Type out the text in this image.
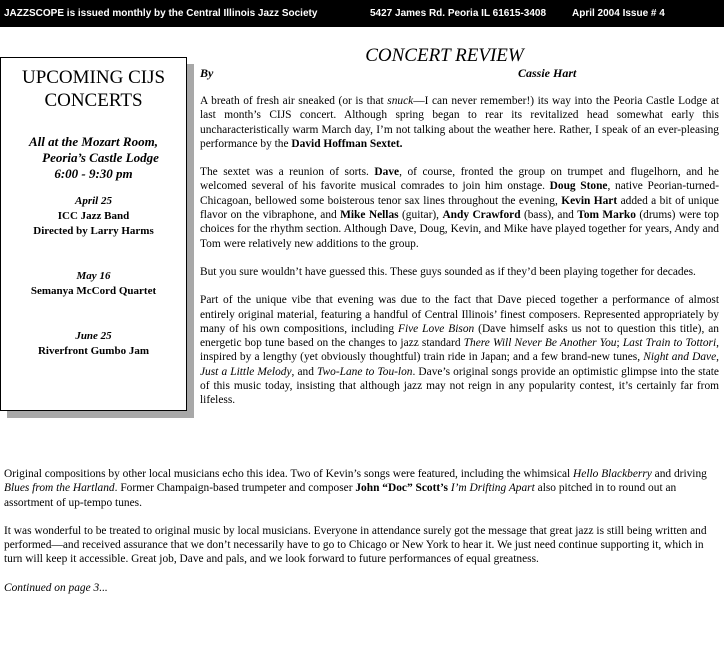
JAZZSCOPE is issued monthly by the Central Illinois Jazz Society	5427 James Rd. Peoria IL 61615-3408	April 2004 Issue # 4
UPCOMING CIJS
CONCERTS
All at the Mozart Room,
Peoria’s Castle Lodge
6:00 - 9:30 pm
April 25
ICC Jazz Band
Directed by Larry Harms
May 16
Semanya McCord Quartet
June 25
Riverfront Gumbo Jam
CONCERT REVIEW
By	Cassie Hart

A breath of fresh air sneaked (or is that snuck—I can never remember!) its way into the Peoria Castle Lodge at last month’s CIJS concert. Although spring began to rear its revitalized head somewhat early this uncharacteristically warm March day, I’m not talking about the weather here. Rather, I speak of an ever-pleasing performance by the David Hoffman Sextet.

The sextet was a reunion of sorts. Dave, of course, fronted the group on trumpet and flugelhorn, and he welcomed several of his favorite musical comrades to join him onstage. Doug Stone, native Peorian-turned-Chicagoan, bellowed some boisterous tenor sax lines throughout the evening, Kevin Hart added a bit of unique flavor on the vibraphone, and Mike Nellas (guitar), Andy Crawford (bass), and Tom Marko (drums) were top choices for the rhythm section. Although Dave, Doug, Kevin, and Mike have played together for years, Andy and Tom were relatively new additions to the group.

But you sure wouldn’t have guessed this. These guys sounded as if they’d been playing together for decades.

Part of the unique vibe that evening was due to the fact that Dave pieced together a performance of almost entirely original material, featuring a handful of Central Illinois’ finest composers. Represented appropriately by many of his own compositions, including Five Love Bison (Dave himself asks us not to question this title), an energetic bop tune based on the changes to jazz standard There Will Never Be Another You; Last Train to Tottori, inspired by a lengthy (yet obviously thoughtful) train ride in Japan; and a few brand-new tunes, Night and Dave, Just a Little Melody, and Two-Lane to Tou-lon. Dave’s original songs provide an optimistic glimpse into the state of this music today, insisting that although jazz may not reign in any popularity contest, it’s certainly far from lifeless.

Original compositions by other local musicians echo this idea. Two of Kevin’s songs were featured, including the whimsical Hello Blackberry and driving Blues from the Hartland. Former Champaign-based trumpeter and composer John “Doc” Scott’s I’m Drifting Apart also pitched in to round out an assortment of up-tempo tunes.

It was wonderful to be treated to original music by local musicians. Everyone in attendance surely got the message that great jazz is still being written and performed—and received assurance that we don’t necessarily have to go to Chicago or New York to hear it. We just need continue supporting it, which in turn will keep it accessible. Great job, Dave and pals, and we look forward to future performances of equal greatness.

Continued on page 3...
